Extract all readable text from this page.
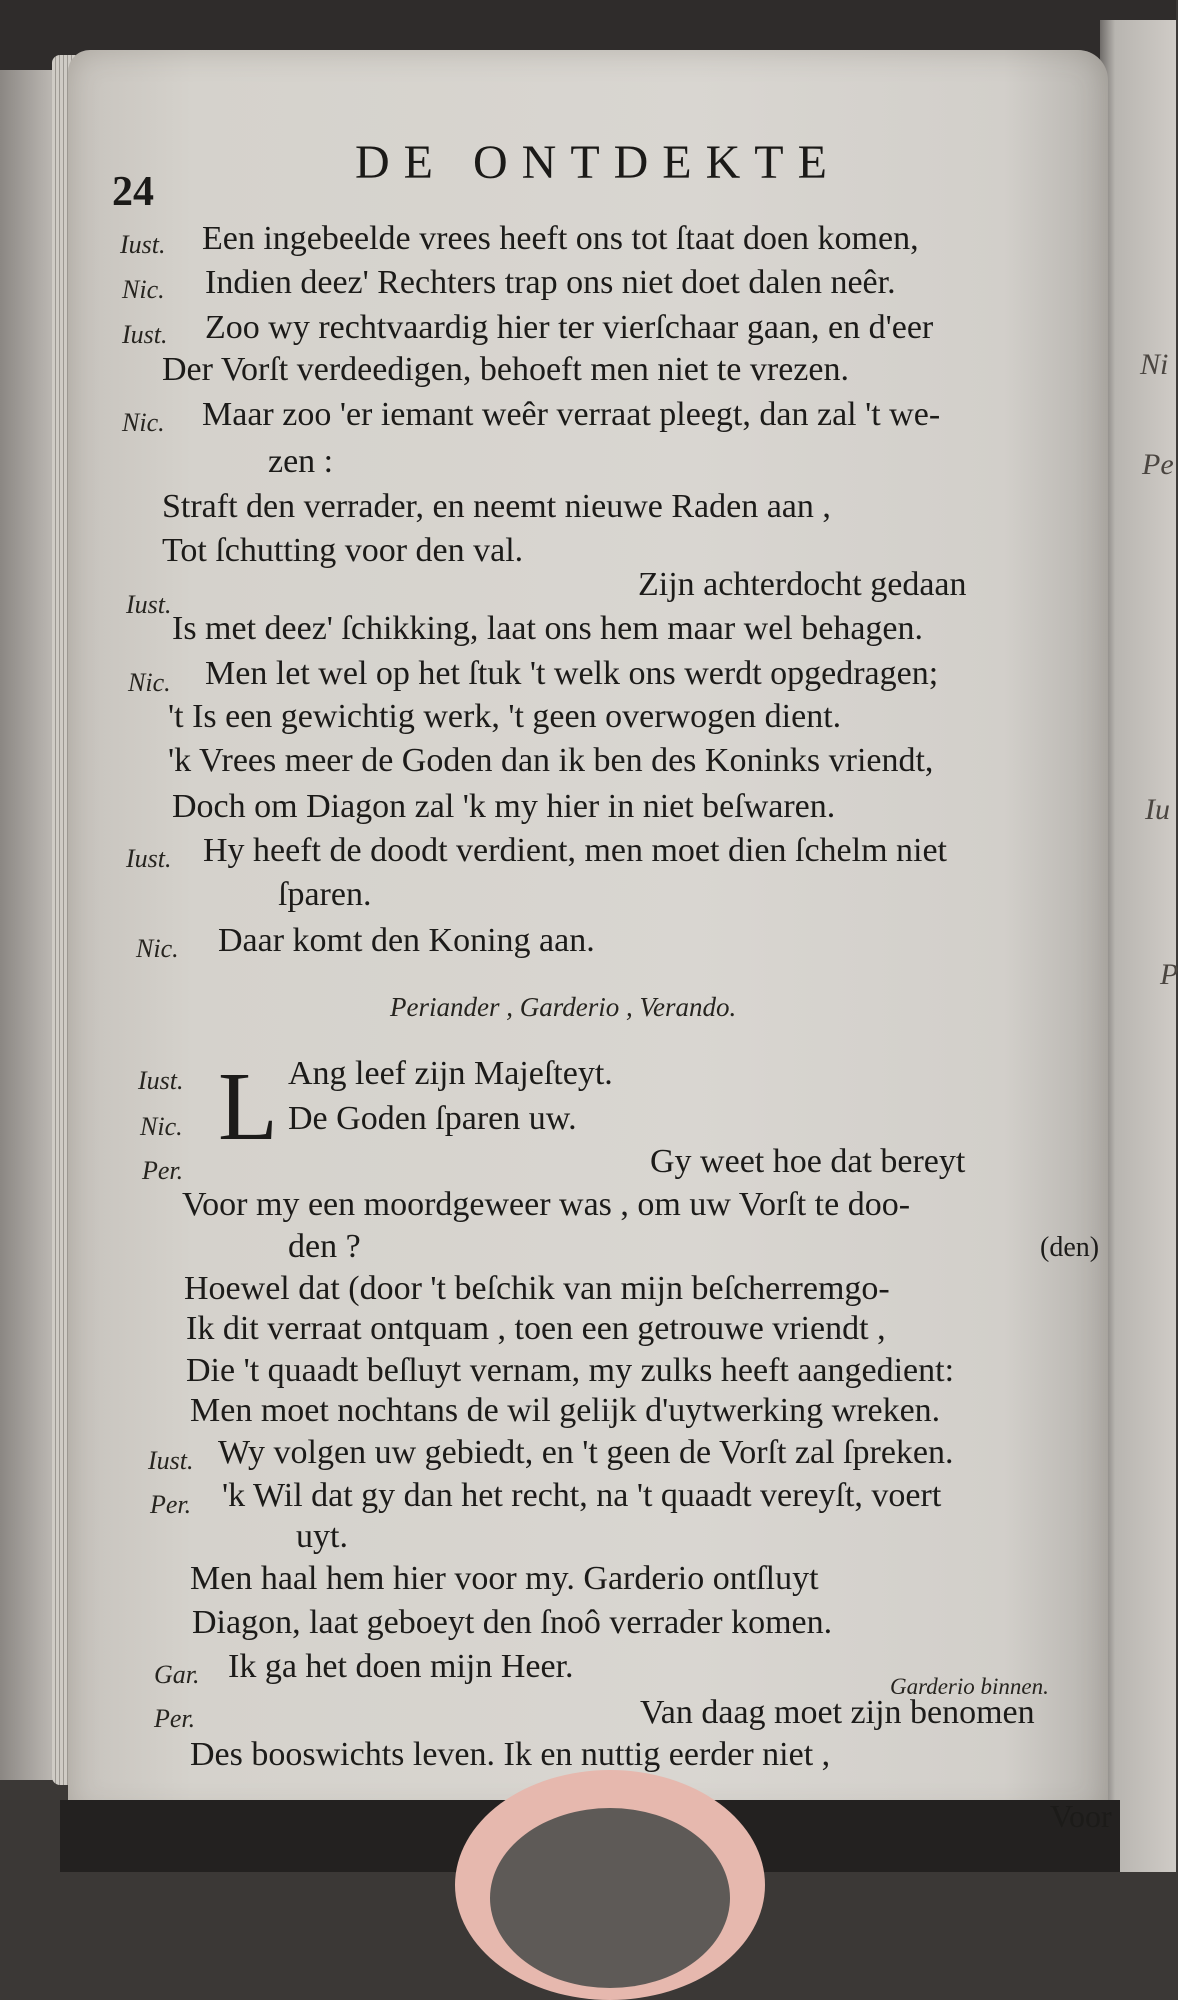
Ni
Pe
Iu
P
24
DE ONTDEKTE
Iust. Een ingebeelde vrees heeft ons tot ſtaat doen komen,
Nic. Indien deez' Rechters trap ons niet doet dalen neêr.
Iust. Zoo wy rechtvaardig hier ter vierſchaar gaan, en d'eer
Der Vorſt verdeedigen, behoeft men niet te vrezen.
Nic. Maar zoo 'er iemant weêr verraat pleegt, dan zal 't we-
zen :
Straft den verrader, en neemt nieuwe Raden aan ,
Tot ſchutting voor den val.
Iust.
Zijn achterdocht gedaan
Is met deez' ſchikking, laat ons hem maar wel behagen.
Nic. Men let wel op het ſtuk 't welk ons werdt opgedragen;
't Is een gewichtig werk, 't geen overwogen dient.
'k Vrees meer de Goden dan ik ben des Koninks vriendt,
Doch om Diagon zal 'k my hier in niet beſwaren.
Iust. Hy heeft de doodt verdient, men moet dien ſchelm niet
ſparen.
Nic. Daar komt den Koning aan.
Periander , Garderio , Verando.
L
Iust.	Ang leef zijn Majeſteyt.
Nic.	De Goden ſparen uw.
Per.	Gy weet hoe dat bereyt
Voor my een moordgeweer was , om uw Vorſt te doo-
den ?	(den)
Hoewel dat (door 't beſchik van mijn beſcherremgo-
Ik dit verraat ontquam , toen een getrouwe vriendt ,
Die 't quaadt beſluyt vernam, my zulks heeft aangedient:
Men moet nochtans de wil gelijk d'uytwerking wreken.
Iust. Wy volgen uw gebiedt, en 't geen de Vorſt zal ſpreken.
Per. 'k Wil dat gy dan het recht, na 't quaadt vereyſt, voert
uyt.
Men haal hem hier voor my. Garderio ontſluyt
Diagon, laat geboeyt den ſnoô verrader komen.
Gar. Ik ga het doen mijn Heer.
Garderio binnen.
Per.	Van daag moet zijn benomen
Des booswichts leven. Ik en nuttig eerder niet ,
Voor
